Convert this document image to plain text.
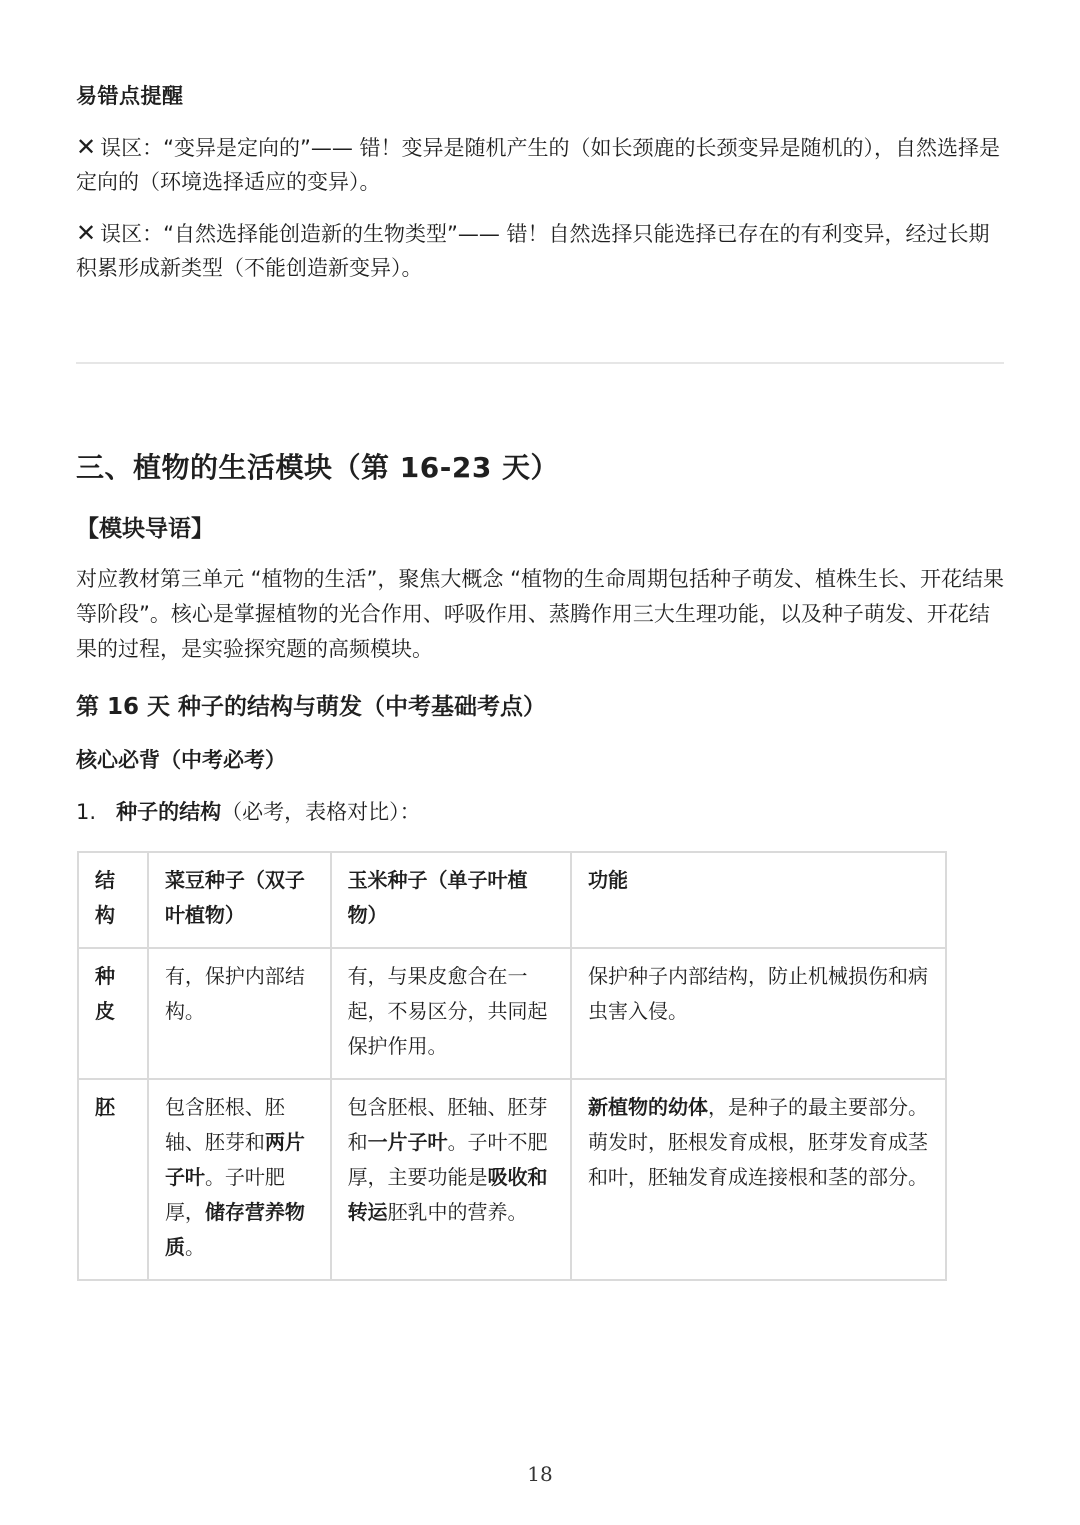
易错点提醒
✕ 误区：“变异是定向的”—— 错！变异是随机产生的（如长颈鹿的长颈变异是随机的），自然选择是定向的（环境选择适应的变异）。
✕ 误区：“自然选择能创造新的生物类型”—— 错！自然选择只能选择已存在的有利变异，经过长期积累形成新类型（不能创造新变异）。
三、植物的生活模块（第 16-23 天）
【模块导语】
对应教材第三单元 “植物的生活”，聚焦大概念 “植物的生命周期包括种子萌发、植株生长、开花结果等阶段”。核心是掌握植物的光合作用、呼吸作用、蒸腾作用三大生理功能，以及种子萌发、开花结果的过程，是实验探究题的高频模块。
第 16 天 种子的结构与萌发（中考基础考点）
核心必背（中考必考）
1. 种子的结构（必考，表格对比）：
结构	菜豆种子（双子叶植物）	玉米种子（单子叶植物）	功能
种皮	有，保护内部结构。	有，与果皮愈合在一起，不易区分，共同起保护作用。	保护种子内部结构，防止机械损伤和病虫害入侵。
胚	包含胚根、胚轴、胚芽和两片子叶。子叶肥厚，储存营养物质。	包含胚根、胚轴、胚芽和一片子叶。子叶不肥厚，主要功能是吸收和转运胚乳中的营养。	新植物的幼体，是种子的最主要部分。萌发时，胚根发育成根，胚芽发育成茎和叶，胚轴发育成连接根和茎的部分。
18
